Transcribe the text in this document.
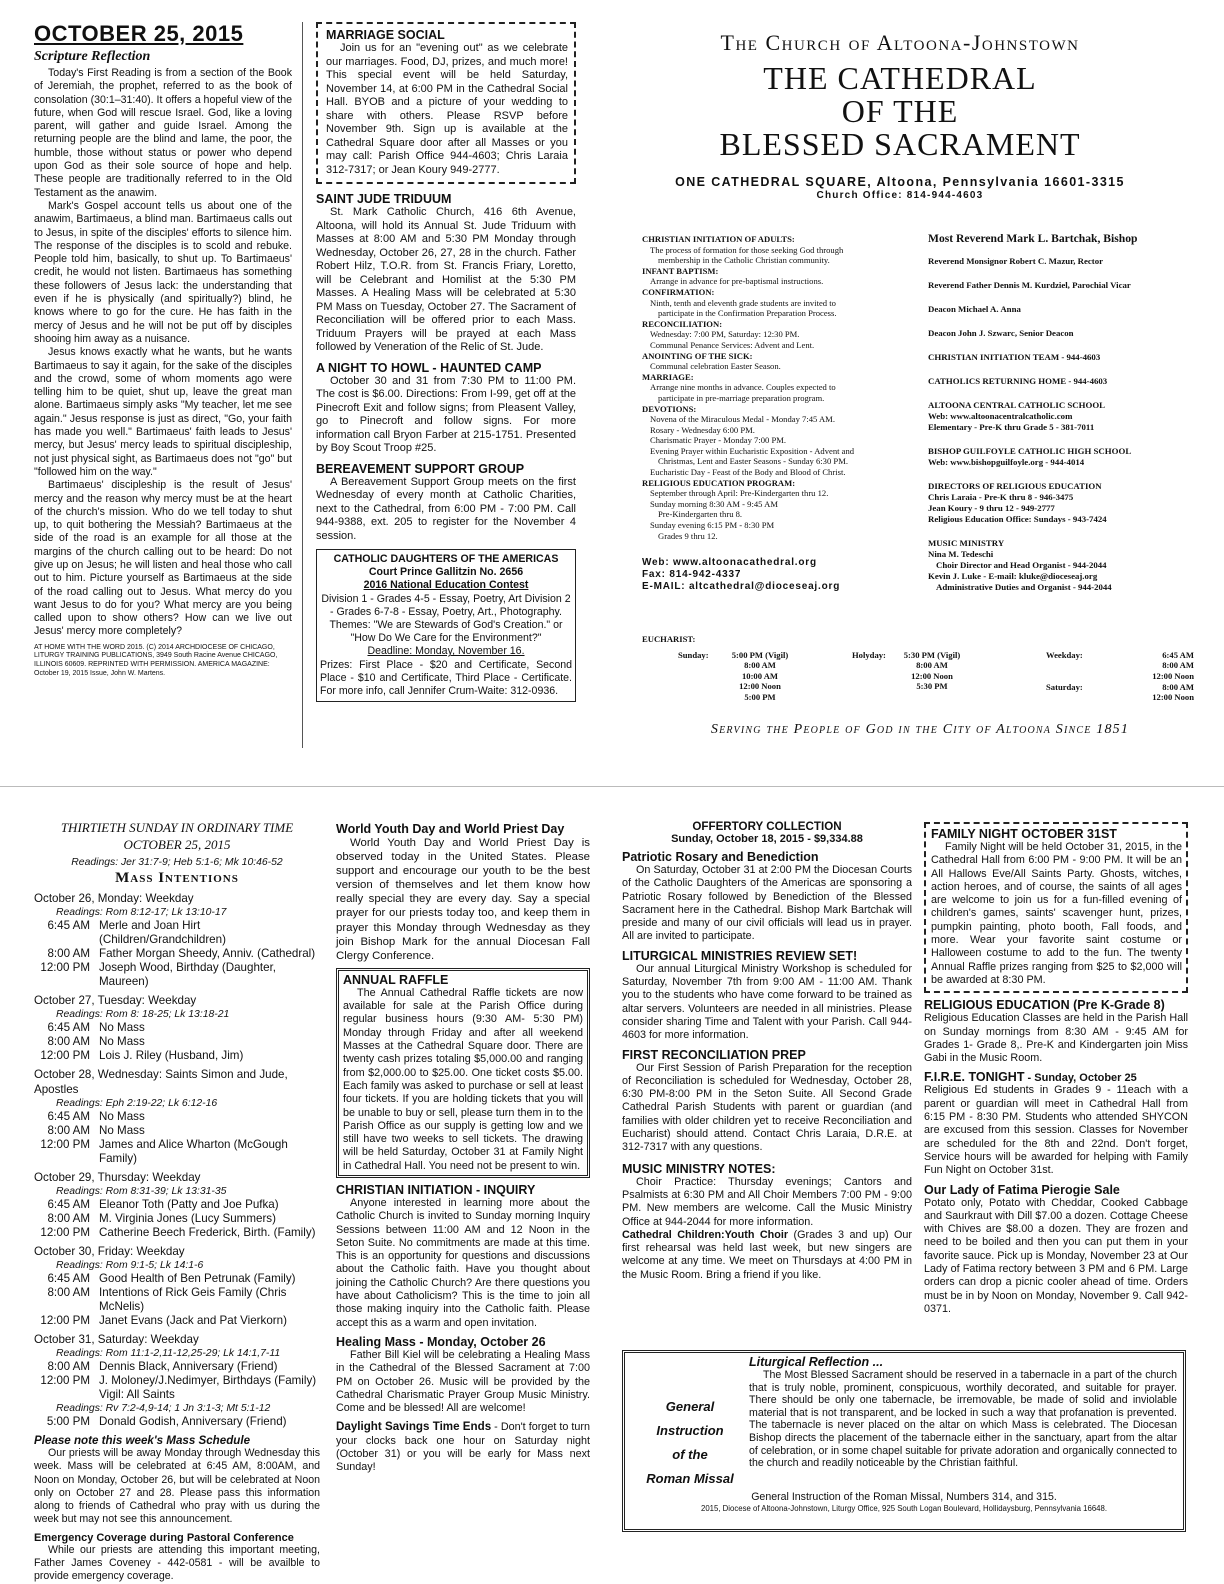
OCTOBER 25, 2015
Scripture Reflection

Today's First Reading is from a section of the Book of Jeremiah, the prophet, referred to as the book of consolation (30:1–31:40). It offers a hopeful view of the future, when God will rescue Israel. God, like a loving parent, will gather and guide Israel. Among the returning people are the blind and lame, the poor, the humble, those without status or power who depend upon God as their sole source of hope and help. These people are traditionally referred to in the Old Testament as the anawim.

Mark's Gospel account tells us about one of the anawim, Bartimaeus, a blind man. Bartimaeus calls out to Jesus, in spite of the disciples' efforts to silence him. The response of the disciples is to scold and rebuke. People told him, basically, to shut up. To Bartimaeus' credit, he would not listen. Bartimaeus has something these followers of Jesus lack: the understanding that even if he is physically (and spiritually?) blind, he knows where to go for the cure. He has faith in the mercy of Jesus and he will not be put off by disciples shooing him away as a nuisance.

Jesus knows exactly what he wants, but he wants Bartimaeus to say it again, for the sake of the disciples and the crowd, some of whom moments ago were telling him to be quiet, shut up, leave the great man alone. Bartimaeus simply asks "My teacher, let me see again." Jesus response is just as direct, "Go, your faith has made you well." Bartimaeus' faith leads to Jesus' mercy, but Jesus' mercy leads to spiritual discipleship, not just physical sight, as Bartimaeus does not "go" but "followed him on the way."

Bartimaeus' discipleship is the result of Jesus' mercy and the reason why mercy must be at the heart of the church's mission. Who do we tell today to shut up, to quit bothering the Messiah? Bartimaeus at the side of the road is an example for all those at the margins of the church calling out to be heard: Do not give up on Jesus; he will listen and heal those who call out to him. Picture yourself as Bartimaeus at the side of the road calling out to Jesus. What mercy do you want Jesus to do for you? What mercy are you being called upon to show others? How can we live out Jesus' mercy more completely?

AT HOME WITH THE WORD 2015. (C) 2014 ARCHDIOCESE OF CHICAGO, LITURGY TRAINING PUBLICATIONS, 3949 South Racine Avenue CHICAGO, ILLINOIS 60609. REPRINTED WITH PERMISSION. AMERICA MAGAZINE: October 19, 2015 Issue, John W. Martens.

MARRIAGE SOCIAL

Join us for an "evening out" as we celebrate our marriages. Food, DJ, prizes, and much more! This special event will be held Saturday, November 14, at 6:00 PM in the Cathedral Social Hall. BYOB and a picture of your wedding to share with others. Please RSVP before November 9th. Sign up is available at the Cathedral Square door after all Masses or you may call: Parish Office 944-4603; Chris Laraia 312-7317; or Jean Koury 949-2777.

SAINT JUDE TRIDUUM

St. Mark Catholic Church, 416 6th Avenue, Altoona, will hold its Annual St. Jude Triduum with Masses at 8:00 AM and 5:30 PM Monday through Wednesday, October 26, 27, 28 in the church. Father Robert Hilz, T.O.R. from St. Francis Friary, Loretto, will be Celebrant and Homilist at the 5:30 PM Masses. A Healing Mass will be celebrated at 5:30 PM Mass on Tuesday, October 27. The Sacrament of Reconciliation will be offered prior to each Mass. Triduum Prayers will be prayed at each Mass followed by Veneration of the Relic of St. Jude.

A NIGHT TO HOWL - HAUNTED CAMP

October 30 and 31 from 7:30 PM to 11:00 PM. The cost is $6.00. Directions: From I-99, get off at the Pinecroft Exit and follow signs; from Pleasent Valley, go to Pinecroft and follow signs. For more information call Bryon Farber at 215-1751. Presented by Boy Scout Troop #25.

BEREAVEMENT SUPPORT GROUP

A Bereavement Support Group meets on the first Wednesday of every month at Catholic Charities, next to the Cathedral, from 6:00 PM - 7:00 PM. Call 944-9388, ext. 205 to register for the November 4 session.

CATHOLIC DAUGHTERS OF THE AMERICAS
Court Prince Gallitzin No. 2656
2016 National Education Contest
Division 1 - Grades 4-5 - Essay, Poetry, Art Division 2 - Grades 6-7-8 - Essay, Poetry, Art., Photography. Themes: "We are Stewards of God's Creation." or "How Do We Care for the Environment?"
Deadline: Monday, November 16.
Prizes: First Place - $20 and Certificate, Second Place - $10 and Certificate, Third Place - Certificate. For more info, call Jennifer Crum-Waite: 312-0936.
The Church of Altoona-Johnstown
THE CATHEDRAL
OF THE
BLESSED SACRAMENT
ONE CATHEDRAL SQUARE, Altoona, Pennsylvania 16601-3315
Church Office: 814-944-4603
CHRISTIAN INITIATION OF ADULTS:
The process of formation for those seeking God through
membership in the Catholic Christian community.
INFANT BAPTISM:
Arrange in advance for pre-baptismal instructions.
CONFIRMATION:
Ninth, tenth and eleventh grade students are invited to
participate in the Confirmation Preparation Process.
RECONCILIATION:
Wednesday: 7:00 PM, Saturday: 12:30 PM.
Communal Penance Services: Advent and Lent.
ANOINTING OF THE SICK:
Communal celebration Easter Season.
MARRIAGE:
Arrange nine months in advance. Couples expected to
participate in pre-marriage preparation program.
DEVOTIONS:
Novena of the Miraculous Medal - Monday 7:45 AM.
Rosary - Wednesday 6:00 PM.
Charismatic Prayer - Monday 7:00 PM.
Evening Prayer within Eucharistic Exposition - Advent and
Christmas, Lent and Easter Seasons - Sunday 6:30 PM.
Eucharistic Day - Feast of the Body and Blood of Christ.
RELIGIOUS EDUCATION PROGRAM:
September through April: Pre-Kindergarten thru 12.
Sunday morning 8:30 AM - 9:45 AM
Pre-Kindergarten thru 8.
Sunday evening 6:15 PM - 8:30 PM
Grades 9 thru 12.
Web: www.altoonacathedral.org
Fax: 814-942-4337
E-MAIL: altcathedral@dioceseaj.org
Most Reverend Mark L. Bartchak, Bishop
Reverend Monsignor Robert C. Mazur, Rector
Reverend Father Dennis M. Kurdziel, Parochial Vicar
Deacon Michael A. Anna
Deacon John J. Szwarc, Senior Deacon
CHRISTIAN INITIATION TEAM - 944-4603
CATHOLICS RETURNING HOME - 944-4603
ALTOONA CENTRAL CATHOLIC SCHOOL
Web: www.altoonacentralcatholic.com
Elementary - Pre-K thru Grade 5 - 381-7011
BISHOP GUILFOYLE CATHOLIC HIGH SCHOOL
Web: www.bishopguilfoyle.org - 944-4014
DIRECTORS OF RELIGIOUS EDUCATION
Chris Laraia - Pre-K thru 8 - 946-3475
Jean Koury - 9 thru 12 - 949-2777
Religious Education Office: Sundays - 943-7424
MUSIC MINISTRY
Nina M. Tedeschi
Choir Director and Head Organist - 944-2044
Kevin J. Luke - E-mail: kluke@dioceseaj.org
Administrative Duties and Organist - 944-2044
EUCHARIST:
Sunday:	5:00 PM (Vigil)
8:00 AM
10:00 AM
12:00 Noon
5:00 PM
Holyday:	5:30 PM (Vigil)
8:00 AM
12:00 Noon
5:30 PM
Weekday:	6:45 AM
8:00 AM
12:00 Noon
Saturday:	8:00 AM
12:00 Noon
Serving the People of God in the City of Altoona Since 1851
THIRTIETH SUNDAY IN ORDINARY TIME
OCTOBER 25, 2015
Readings: Jer 31:7-9; Heb 5:1-6; Mk 10:46-52
Mass Intentions
October 26, Monday: Weekday
Readings: Rom 8:12-17; Lk 13:10-17
6:45 AM Merle and Joan Hirt (Children/Grandchildren)
8:00 AM Father Morgan Sheedy, Anniv. (Cathedral)
12:00 PM Joseph Wood, Birthday (Daughter, Maureen)
October 27, Tuesday: Weekday
Readings: Rom 8: 18-25; Lk 13:18-21
6:45 AM No Mass
8:00 AM No Mass
12:00 PM Lois J. Riley (Husband, Jim)
October 28, Wednesday: Saints Simon and Jude, Apostles
Readings: Eph 2:19-22; Lk 6:12-16
6:45 AM No Mass
8:00 AM No Mass
12:00 PM James and Alice Wharton (McGough Family)
October 29, Thursday: Weekday
Readings: Rom 8:31-39; Lk 13:31-35
6:45 AM Eleanor Toth (Patty and Joe Pufka)
8:00 AM M. Virginia Jones (Lucy Summers)
12:00 PM Catherine Beech Frederick, Birth. (Family)
October 30, Friday: Weekday
Readings: Rom 9:1-5; Lk 14:1-6
6:45 AM Good Health of Ben Petrunak (Family)
8:00 AM Intentions of Rick Geis Family (Chris McNelis)
12:00 PM Janet Evans (Jack and Pat Vierkorn)
October 31, Saturday: Weekday
Readings: Rom 11:1-2,11-12,25-29; Lk 14:1,7-11
8:00 AM Dennis Black, Anniversary (Friend)
12:00 PM J. Moloney/J.Nedimyer, Birthdays (Family)
Vigil: All Saints
Readings: Rv 7:2-4,9-14; 1 Jn 3:1-3; Mt 5:1-12
5:00 PM Donald Godish, Anniversary (Friend)
Please note this week's Mass Schedule

Our priests will be away Monday through Wednesday this week. Mass will be celebrated at 6:45 AM, 8:00AM, and Noon on Monday, October 26, but will be celebrated at Noon only on October 27 and 28. Please pass this information along to friends of Cathedral who pray with us during the week but may not see this announcement.

Emergency Coverage during Pastoral Conference

While our priests are attending this important meeting, Father James Coveney - 442-0581 - will be availble to provide emergency coverage.

World Youth Day and World Priest Day

World Youth Day and World Priest Day is observed today in the United States. Please support and encourage our youth to be the best version of themselves and let them know how really special they are every day. Say a special prayer for our priests today too, and keep them in prayer this Monday through Wednesday as they join Bishop Mark for the annual Diocesan Fall Clergy Conference.

ANNUAL RAFFLE

The Annual Cathedral Raffle tickets are now available for sale at the Parish Office during regular business hours (9:30 AM- 5:30 PM) Monday through Friday and after all weekend Masses at the Cathedral Square door. There are twenty cash prizes totaling $5,000.00 and ranging from $2,000.00 to $25.00. One ticket costs $5.00. Each family was asked to purchase or sell at least four tickets. If you are holding tickets that you will be unable to buy or sell, please turn them in to the Parish Office as our supply is getting low and we still have two weeks to sell tickets. The drawing will be held Saturday, October 31 at Family Night in Cathedral Hall. You need not be present to win.

CHRISTIAN INITIATION - INQUIRY

Anyone interested in learning more about the Catholic Church is invited to Sunday morning Inquiry Sessions between 11:00 AM and 12 Noon in the Seton Suite. No commitments are made at this time. This is an opportunity for questions and discussions about the Catholic faith. Have you thought about joining the Catholic Church? Are there questions you have about Catholicism? This is the time to join all those making inquiry into the Catholic faith. Please accept this as a warm and open invitation.

Healing Mass - Monday, October 26

Father Bill Kiel will be celebrating a Healing Mass in the Cathedral of the Blessed Sacrament at 7:00 PM on October 26. Music will be provided by the Cathedral Charismatic Prayer Group Music Ministry. Come and be blessed! All are welcome!

Daylight Savings Time Ends - Don't forget to turn your clocks back one hour on Saturday night (October 31) or you will be early for Mass next Sunday!

OFFERTORY COLLECTION
Sunday, October 18, 2015 - $9,334.88
Patriotic Rosary and Benediction

On Saturday, October 31 at 2:00 PM the Diocesan Courts of the Catholic Daughters of the Americas are sponsoring a Patriotic Rosary followed by Benediction of the Blessed Sacrament here in the Cathedral. Bishop Mark Bartchak will preside and many of our civil officials will lead us in prayer. All are invited to participate.

LITURGICAL MINISTRIES REVIEW SET!

Our annual Liturgical Ministry Workshop is scheduled for Saturday, November 7th from 9:00 AM - 11:00 AM. Thank you to the students who have come forward to be trained as altar servers. Volunteers are needed in all ministries. Please consider sharing Time and Talent with your Parish. Call 944-4603 for more information.

FIRST RECONCILIATION PREP

Our First Session of Parish Preparation for the reception of Reconciliation is scheduled for Wednesday, October 28, 6:30 PM-8:00 PM in the Seton Suite. All Second Grade Cathedral Parish Students with parent or guardian (and families with older children yet to receive Reconciliation and Eucharist) should attend. Contact Chris Laraia, D.R.E. at 312-7317 with any questions.

MUSIC MINISTRY NOTES:

Choir Practice: Thursday evenings; Cantors and Psalmists at 6:30 PM and All Choir Members 7:00 PM - 9:00 PM. New members are welcome. Call the Music Ministry Office at 944-2044 for more information.

Cathedral Children:Youth Choir (Grades 3 and up) Our first rehearsal was held last week, but new singers are welcome at any time. We meet on Thursdays at 4:00 PM in the Music Room. Bring a friend if you like.

FAMILY NIGHT OCTOBER 31ST

Family Night will be held October 31, 2015, in the Cathedral Hall from 6:00 PM - 9:00 PM. It will be an All Hallows Eve/All Saints Party. Ghosts, witches, action heroes, and of course, the saints of all ages are welcome to join us for a fun-filled evening of children's games, saints' scavenger hunt, prizes, pumpkin painting, photo booth, Fall foods, and more. Wear your favorite saint costume or Halloween costume to add to the fun. The twenty Annual Raffle prizes ranging from $25 to $2,000 will be awarded at 8:30 PM.

RELIGIOUS EDUCATION (Pre K-Grade 8)

Religious Education Classes are held in the Parish Hall on Sunday mornings from 8:30 AM - 9:45 AM for Grades 1- Grade 8,. Pre-K and Kindergarten join Miss Gabi in the Music Room.

F.I.R.E. TONIGHT - Sunday, October 25

Religious Ed students in Grades 9 - 11each with a parent or guardian will meet in Cathedral Hall from 6:15 PM - 8:30 PM. Students who attended SHYCON are excused from this session. Classes for November are scheduled for the 8th and 22nd. Don't forget, Service hours will be awarded for helping with Family Fun Night on October 31st.

Our Lady of Fatima Pierogie Sale

Potato only, Potato with Cheddar, Cooked Cabbage and Saurkraut with Dill $7.00 a dozen. Cottage Cheese with Chives are $8.00 a dozen. They are frozen and need to be boiled and then you can put them in your favorite sauce. Pick up is Monday, November 23 at Our Lady of Fatima rectory between 3 PM and 6 PM. Large orders can drop a picnic cooler ahead of time. Orders must be in by Noon on Monday, November 9. Call 942-0371.

Liturgical Reflection ...
General
Instruction
of the
Roman Missal

The Most Blessed Sacrament should be reserved in a tabernacle in a part of the church that is truly noble, prominent, conspicuous, worthily decorated, and suitable for prayer. There should be only one tabernacle, be irremovable, be made of solid and inviolable material that is not transparent, and be locked in such a way that profanation is prevented. The tabernacle is never placed on the altar on which Mass is celebrated. The Diocesan Bishop directs the placement of the tabernacle either in the sanctuary, apart from the altar of celebration, or in some chapel suitable for private adoration and organically connected to the church and readily noticeable by the Christian faithful.

General Instruction of the Roman Missal, Numbers 314, and 315.
2015, Diocese of Altoona-Johnstown, Liturgy Office, 925 South Logan Boulevard, Hollidaysburg, Pennsylvania 16648.
